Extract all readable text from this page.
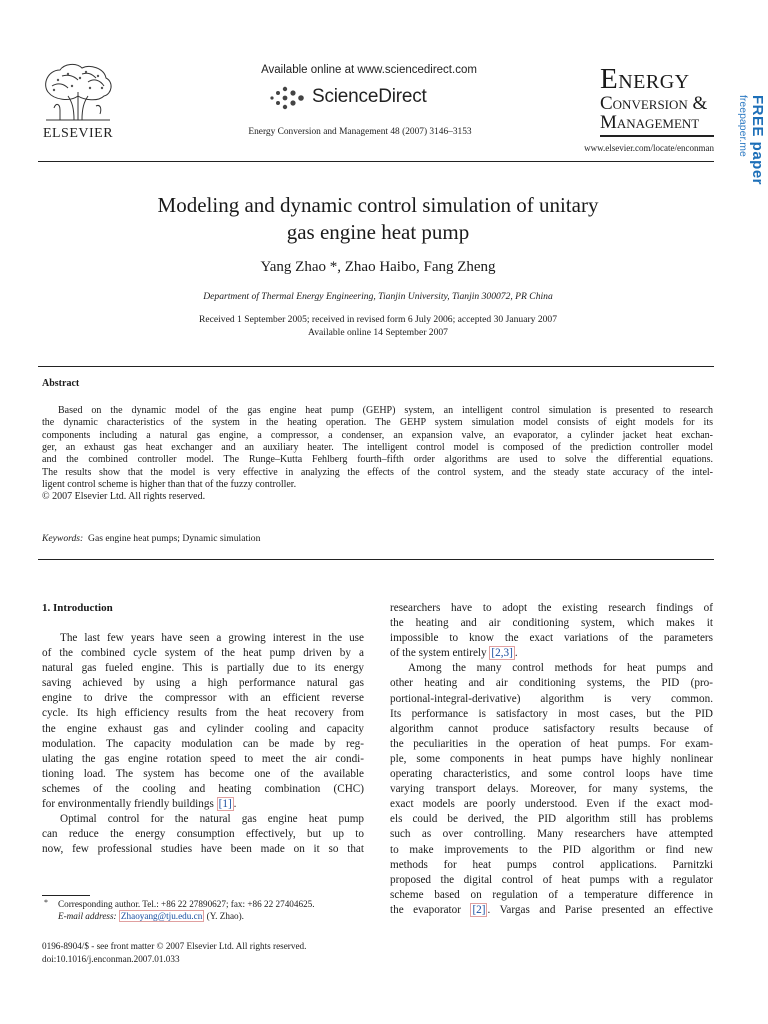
ELSEVIER
Available online at www.sciencedirect.com
ScienceDirect
Energy Conversion and Management 48 (2007) 3146–3153
Energy
Conversion &
Management
www.elsevier.com/locate/enconman FREE paper
freepaper.me
Modeling and dynamic control simulation of unitary
gas engine heat pump
Yang Zhao *, Zhao Haibo, Fang Zheng
Department of Thermal Energy Engineering, Tianjin University, Tianjin 300072, PR China
Received 1 September 2005; received in revised form 6 July 2006; accepted 30 January 2007
Available online 14 September 2007
Abstract
Based on the dynamic model of the gas engine heat pump (GEHP) system, an intelligent control simulation is presented to research
the dynamic characteristics of the system in the heating operation. The GEHP system simulation model consists of eight models for its
components including a natural gas engine, a compressor, a condenser, an expansion valve, an evaporator, a cylinder jacket heat exchan-
ger, an exhaust gas heat exchanger and an auxiliary heater. The intelligent control model is composed of the prediction controller model
and the combined controller model. The Runge–Kutta Fehlberg fourth–fifth order algorithms are used to solve the differential equations.
The results show that the model is very effective in analyzing the effects of the control system, and the steady state accuracy of the intel-
ligent control scheme is higher than that of the fuzzy controller.
© 2007 Elsevier Ltd. All rights reserved.
Keywords: Gas engine heat pumps; Dynamic simulation
1. Introduction
The last few years have seen a growing interest in the use
of the combined cycle system of the heat pump driven by a
natural gas fueled engine. This is partially due to its energy
saving achieved by using a high performance natural gas
engine to drive the compressor with an efficient reverse
cycle. Its high efficiency results from the heat recovery from
the engine exhaust gas and cylinder cooling and capacity
modulation. The capacity modulation can be made by reg-
ulating the gas engine rotation speed to meet the air condi-
tioning load. The system has become one of the available
schemes of the cooling and heating combination (CHC)
for environmentally friendly buildings [1] .
Optimal control for the natural gas engine heat pump
can reduce the energy consumption effectively, but up to
now, few professional studies have been made on it so that
researchers have to adopt the existing research findings of
the heating and air conditioning system, which makes it
impossible to know the exact variations of the parameters
of the system entirely [2,3] .
Among the many control methods for heat pumps and
other heating and air conditioning systems, the PID (pro-
portional-integral-derivative) algorithm is very common.
Its performance is satisfactory in most cases, but the PID
algorithm cannot produce satisfactory results because of
the peculiarities in the operation of heat pumps. For exam-
ple, some components in heat pumps have highly nonlinear
operating characteristics, and some control loops have time
varying transport delays. Moreover, for many systems, the
exact models are poorly understood. Even if the exact mod-
els could be derived, the PID algorithm still has problems
such as over controlling. Many researchers have attempted
to make improvements to the PID algorithm or find new
methods for heat pumps control applications. Parnitzki
proposed the digital control of heat pumps with a regulator
scheme based on regulation of a temperature difference in
the evaporator [2] . Vargas and Parise presented an effective
*	Corresponding author. Tel.: +86 22 27890627; fax: +86 22 27404625.
E-mail address: Zhaoyang@tju.edu.cn (Y. Zhao).
0196-8904/$ - see front matter © 2007 Elsevier Ltd. All rights reserved.
doi:10.1016/j.enconman.2007.01.033
